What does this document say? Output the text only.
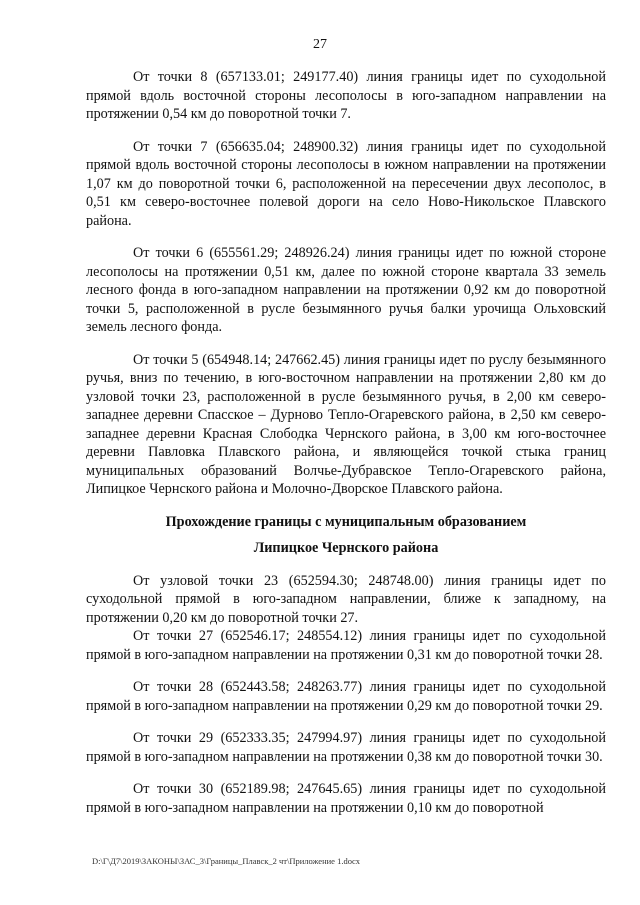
27

От точки 8 (657133.01; 249177.40) линия границы идет по суходольной прямой вдоль восточной стороны лесополосы в юго-западном направлении на протяжении 0,54 км до поворотной точки 7.

От точки 7 (656635.04; 248900.32) линия границы идет по суходольной прямой вдоль восточной стороны лесополосы в южном направлении на протяжении 1,07 км до поворотной точки 6, расположенной на пересечении двух лесополос, в 0,51 км северо-восточнее полевой дороги на село Ново-Никольское Плавского района.

От точки 6 (655561.29; 248926.24) линия границы идет по южной стороне лесополосы на протяжении 0,51 км, далее по южной стороне квартала 33 земель лесного фонда в юго-западном направлении на протяжении 0,92 км до поворотной точки 5, расположенной в русле безымянного ручья балки урочища Ольховский земель лесного фонда.

От точки 5 (654948.14; 247662.45) линия границы идет по руслу безымянного ручья, вниз по течению, в юго-восточном направлении на протяжении 2,80 км до узловой точки 23, расположенной в русле безымянного ручья, в 2,00 км северо-западнее деревни Спасское – Дурново Тепло-Огаревского района, в 2,50 км северо-западнее деревни Красная Слободка Чернского района, в 3,00 км юго-восточнее деревни Павловка Плавского района, и являющейся точкой стыка границ муниципальных образований Волчье-Дубравское Тепло-Огаревского района, Липицкое Чернского района и Молочно-Дворское Плавского района.

Прохождение границы с муниципальным образованием

Липицкое Чернского района

От узловой точки 23 (652594.30; 248748.00) линия границы идет по суходольной прямой в юго-западном направлении, ближе к западному, на протяжении 0,20 км до поворотной точки 27.

От точки 27 (652546.17; 248554.12) линия границы идет по суходольной прямой в юго-западном направлении на протяжении 0,31 км до поворотной точки 28.

От точки 28 (652443.58; 248263.77) линия границы идет по суходольной прямой в юго-западном направлении на протяжении 0,29 км до поворотной точки 29.

От точки 29 (652333.35; 247994.97) линия границы идет по суходольной прямой в юго-западном направлении на протяжении 0,38 км до поворотной точки 30.

От точки 30 (652189.98; 247645.65) линия границы идет по суходольной прямой в юго-западном направлении на протяжении 0,10 км до поворотной

D:\Г\Д7\2019\ЗАКОНЫ\ЗАС_3\Границы_Плавск_2 чт\Приложение 1.docx
